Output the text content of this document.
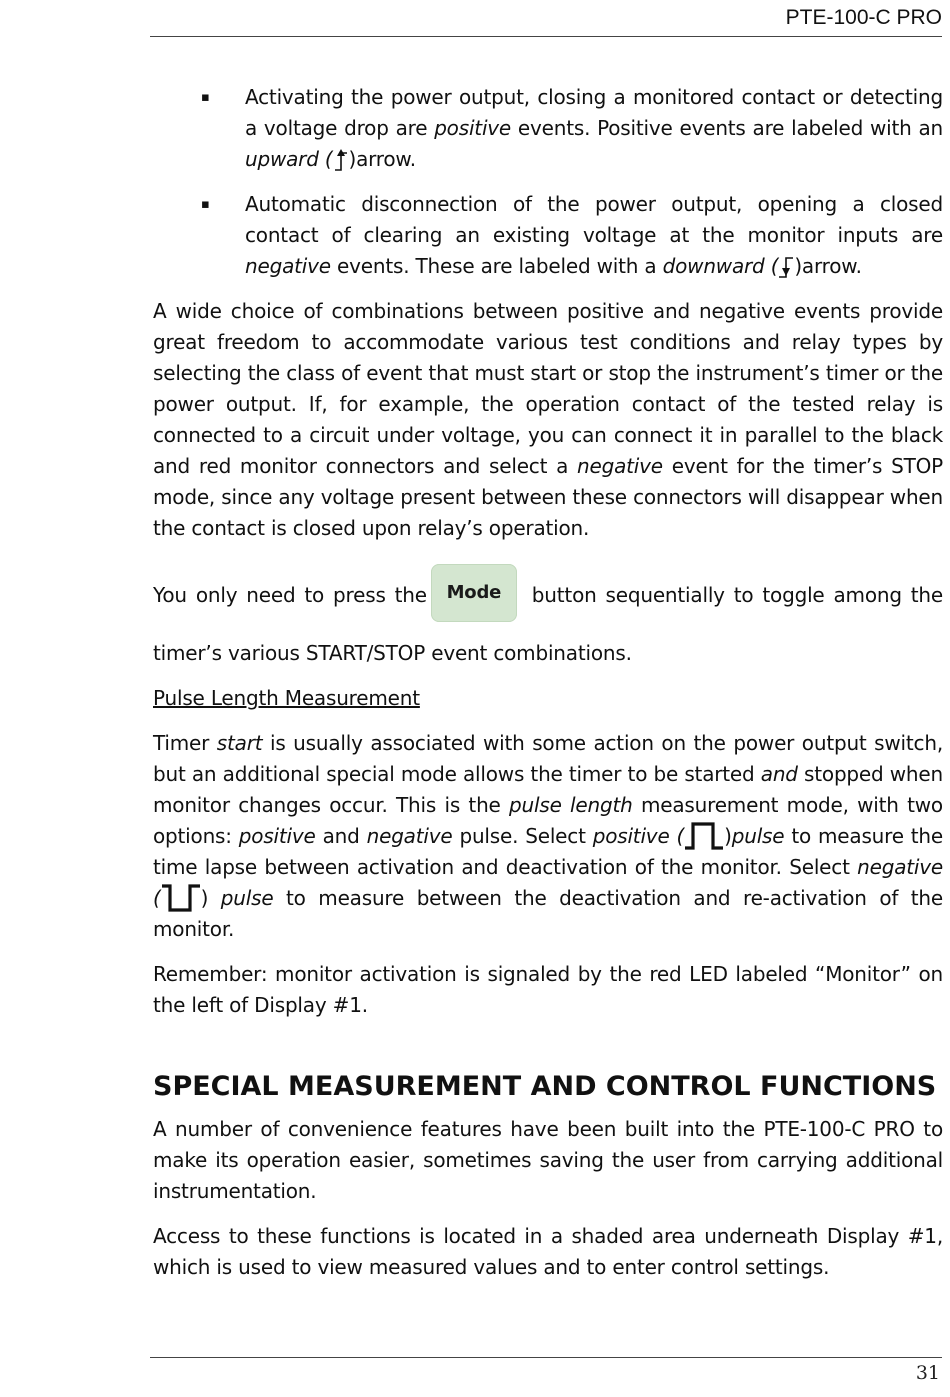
PTE-100-C PRO
▪ Activating the power output, closing a monitored contact or detecting a voltage drop are positive events. Positive events are labeled with an upward ( )arrow.
▪ Automatic disconnection of the power output, opening a closed contact of clearing an existing voltage at the monitor inputs are negative events. These are labeled with a downward ( )arrow.

A wide choice of combinations between positive and negative events provide great freedom to accommodate various test conditions and relay types by selecting the class of event that must start or stop the instrument’s timer or the power output. If, for example, the operation contact of the tested relay is connected to a circuit under voltage, you can connect it in parallel to the black and red monitor connectors and select a negative event for the timer’s STOP mode, since any voltage present between these connectors will disappear when the contact is closed upon relay’s operation.

You only need to press the Mode button sequentially to toggle among the timer’s various START/STOP event combinations.

Pulse Length Measurement

Timer start is usually associated with some action on the power output switch, but an additional special mode allows the timer to be started and stopped when monitor changes occur. This is the pulse length measurement mode, with two options: positive and negative pulse. Select positive ( )pulse to measure the time lapse between activation and deactivation of the monitor. Select negative ( ) pulse to measure between the deactivation and re-activation of the monitor.

Remember: monitor activation is signaled by the red LED labeled “Monitor” on the left of Display #1.

SPECIAL MEASUREMENT AND CONTROL FUNCTIONS

A number of convenience features have been built into the PTE-100-C PRO to make its operation easier, sometimes saving the user from carrying additional instrumentation.

Access to these functions is located in a shaded area underneath Display #1, which is used to view measured values and to enter control settings.

31
